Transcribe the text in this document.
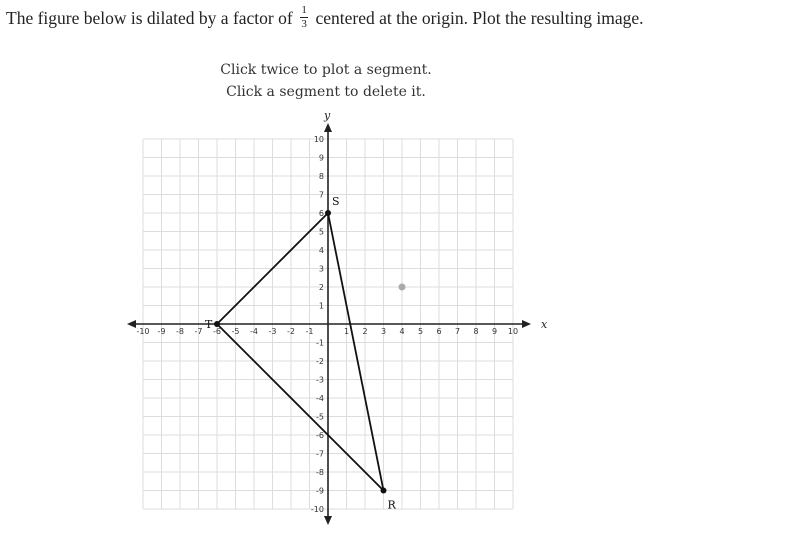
The figure below is dilated by a factor of $\frac{1}{3}$ centered at the origin. Plot the resulting image.
Click twice to plot a segment.
Click a segment to delete it.
x
y
-10 -9 -8 -7 -6 -5 -4 -3 -2 -1	1 2 3 4 5 6 7 8 9 10
-10
-9
-8
-7
-6
-5
-4
-3
-2
-1
1
2
3
4
5
6
7
8
9
10
S
T
R
